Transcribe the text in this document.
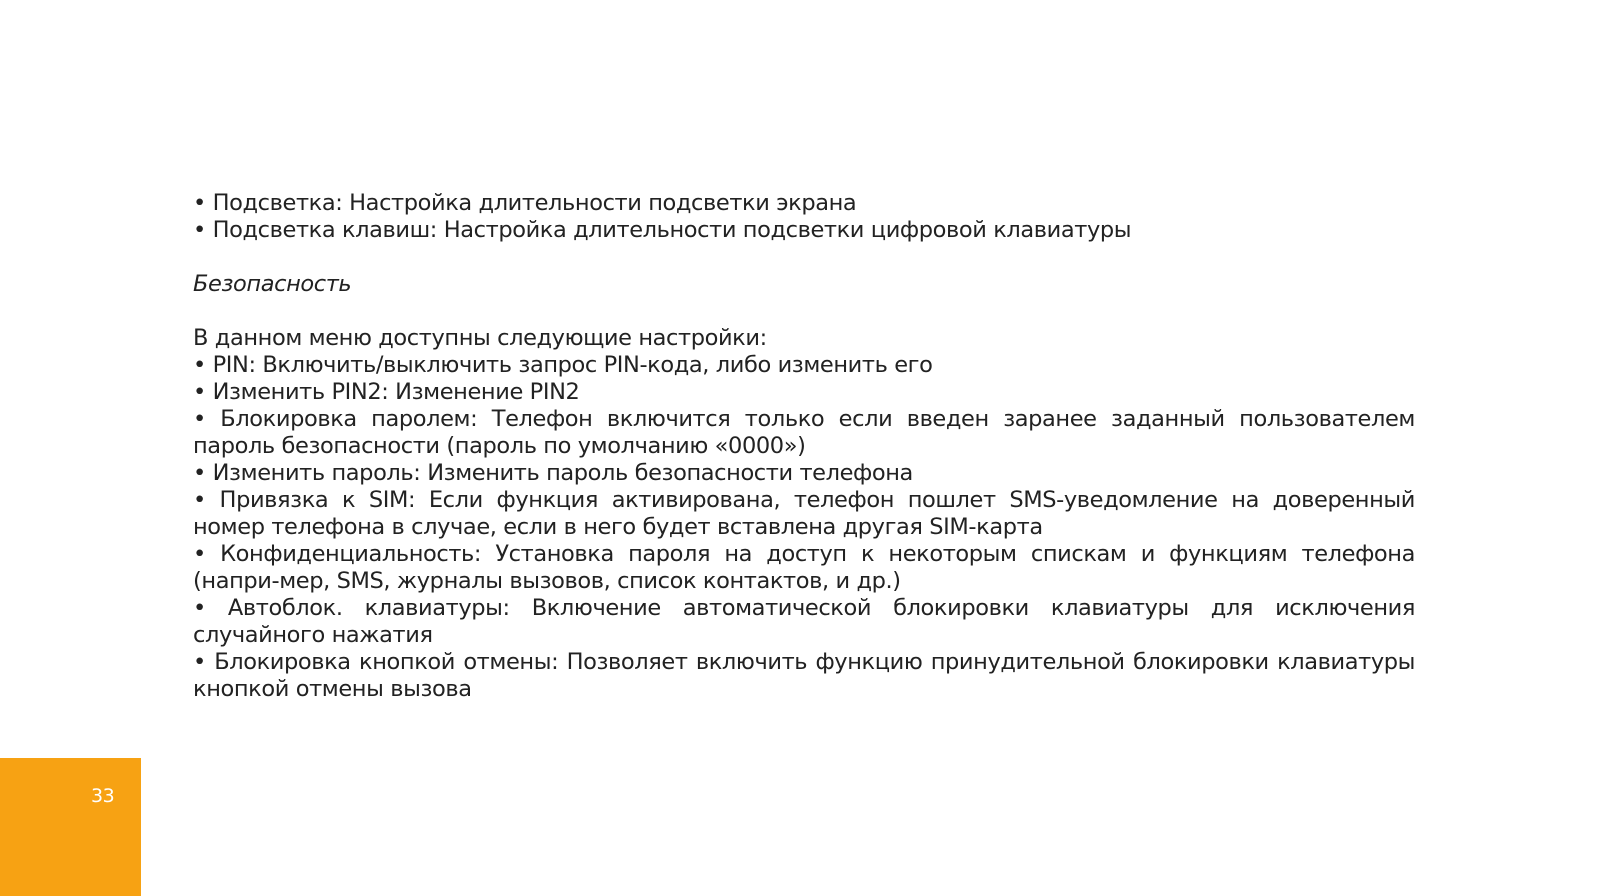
• Подсветка: Настройка длительности подсветки экрана
• Подсветка клавиш: Настройка длительности подсветки цифровой клавиатуры
Безопасность
В данном меню доступны следующие настройки:
• PIN: Включить/выключить запрос PIN-кода, либо изменить его
• Изменить PIN2: Изменение PIN2
• Блокировка паролем: Телефон включится только если введен заранее заданный пользователем пароль безопасности (пароль по умолчанию «0000»)
• Изменить пароль: Изменить пароль безопасности телефона
• Привязка к SIM: Если функция активирована, телефон пошлет SMS-уведомление на доверенный номер телефона в случае, если в него будет вставлена другая SIM-карта
• Конфиденциальность: Установка пароля на доступ к некоторым спискам и функциям телефона (напри-мер, SMS, журналы вызовов, список контактов, и др.)
• Автоблок. клавиатуры: Включение автоматической блокировки клавиатуры для исключения случайного нажатия
• Блокировка кнопкой отмены: Позволяет включить функцию принудительной блокировки клавиатуры кнопкой отмены вызова
33
